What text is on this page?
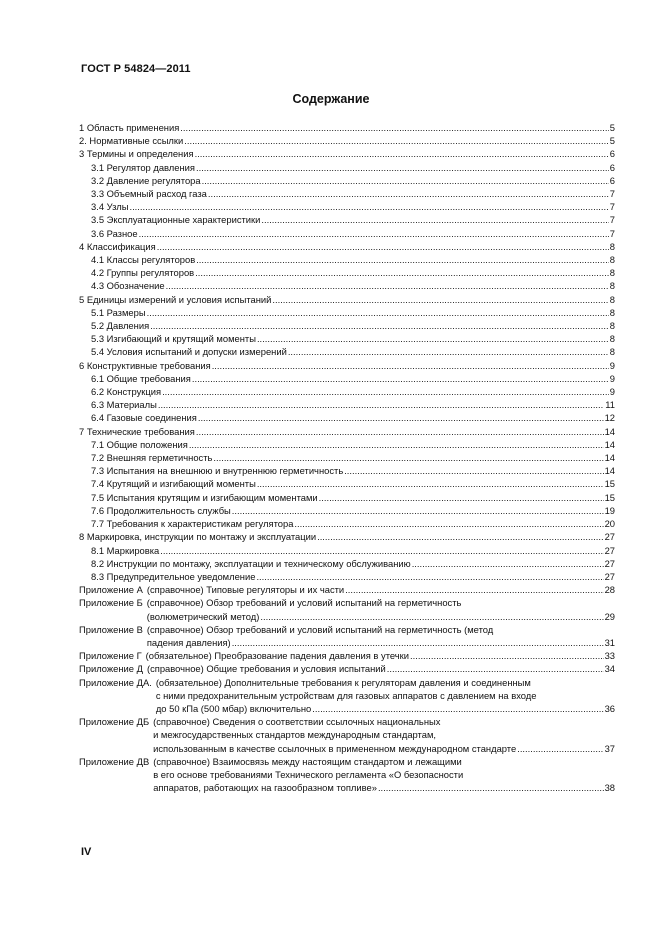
ГОСТ Р 54824—2011
Содержание
1 Область применения .....	5
2. Нормативные ссылки .....	5
3 Термины и определения .....	6
3.1 Регулятор давления .....	6
3.2 Давление регулятора .....	6
3.3 Объемный расход газа .....	7
3.4 Узлы .....	7
3.5 Эксплуатационные характеристики .....	7
3.6 Разное .....	7
4 Классификация .....	8
4.1 Классы регуляторов .....	8
4.2 Группы регуляторов .....	8
4.3 Обозначение .....	8
5 Единицы измерений и условия испытаний .....	8
5.1 Размеры .....	8
5.2 Давления .....	8
5.3 Изгибающий и крутящий моменты .....	8
5.4 Условия испытаний и допуски измерений .....	8
6 Конструктивные требования .....	9
6.1 Общие требования .....	9
6.2 Конструкция .....	9
6.3 Материалы .....	11
6.4 Газовые соединения .....	12
7 Технические требования .....	14
7.1 Общие положения .....	14
7.2 Внешняя герметичность .....	14
7.3 Испытания на внешнюю и внутреннюю герметичность .....	14
7.4 Крутящий и изгибающий моменты .....	15
7.5 Испытания крутящим и изгибающим моментами .....	15
7.6 Продолжительность службы .....	19
7.7 Требования к характеристикам регулятора .....	20
8 Маркировка, инструкции по монтажу и эксплуатации .....	27
8.1 Маркировка .....	27
8.2 Инструкции по монтажу, эксплуатации и техническому обслуживанию .....	27
8.3 Предупредительное уведомление .....	27
Приложение А (справочное) Типовые регуляторы и их части .....	28
Приложение Б (справочное) Обзор требований и условий испытаний на герметичность
(волюметрический метод) .....	29
Приложение В (справочное) Обзор требований и условий испытаний на герметичность (метод
падения давления) .....	31
Приложение Г (обязательное) Преобразование падения давления в утечки .....	33
Приложение Д (справочное) Общие требования и условия испытаний .....	34
Приложение ДА. (обязательное) Дополнительные требования к регуляторам давления и соединенным
с ними предохранительным устройствам для газовых аппаратов с давлением на входе
до 50 кПа (500 мбар) включительно .....	36
Приложение ДБ (справочное) Сведения о соответствии ссылочных национальных
и межгосударственных стандартов международным стандартам,
использованным в качестве ссылочных в примененном международном стандарте .....	37
Приложение ДВ (справочное) Взаимосвязь между настоящим стандартом и лежащими
в его основе требованиями Технического регламента «О безопасности
аппаратов, работающих на газообразном топливе» .....	38
IV
